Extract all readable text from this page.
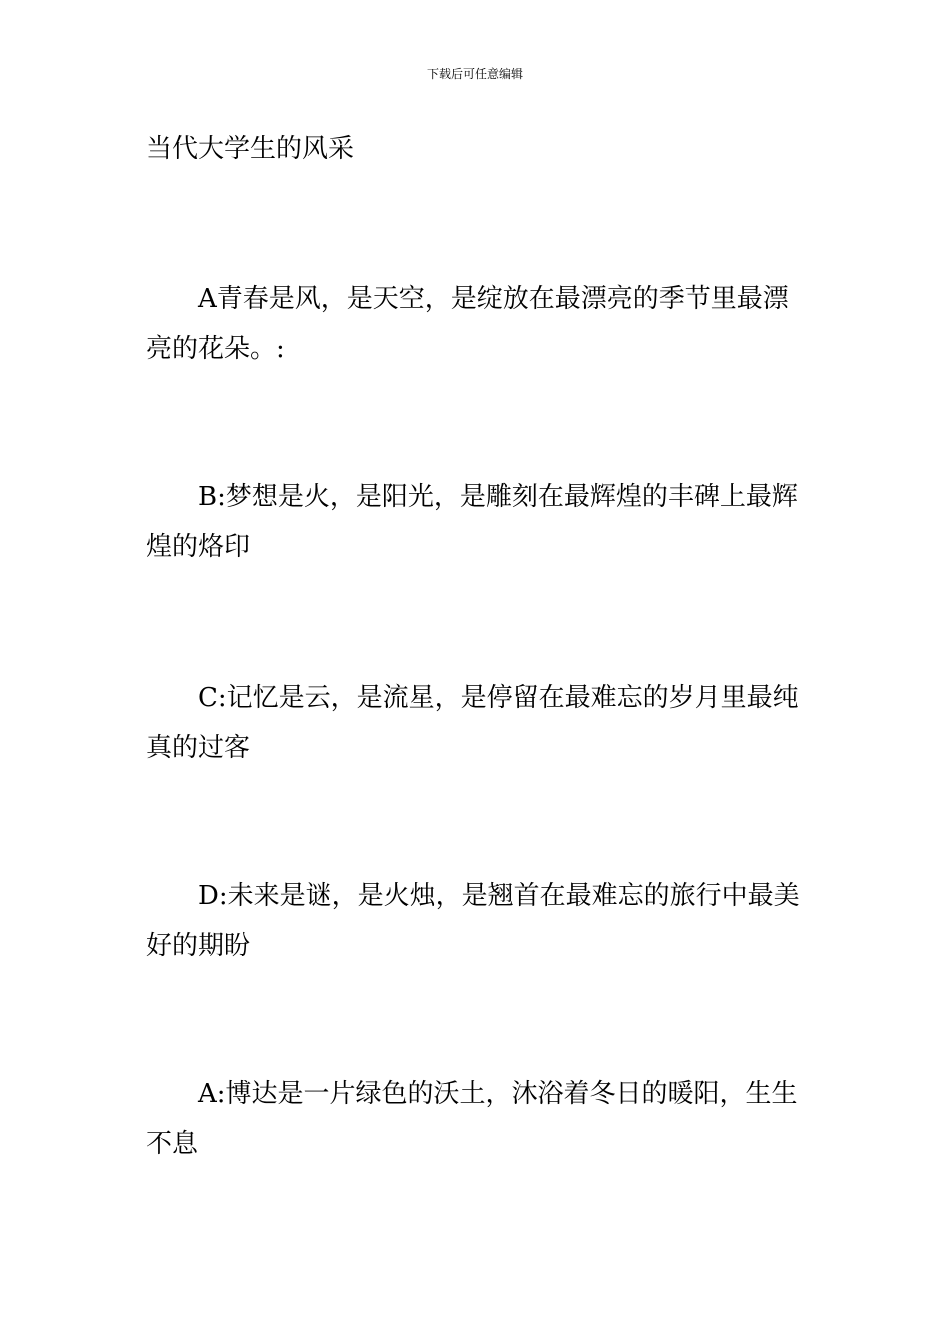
下载后可任意编辑
当代大学生的风采

A青春是风，是天空，是绽放在最漂亮的季节里最漂亮的花朵。:

B:梦想是火，是阳光，是雕刻在最辉煌的丰碑上最辉煌的烙印

C:记忆是云，是流星，是停留在最难忘的岁月里最纯真的过客

D:未来是谜，是火烛，是翘首在最难忘的旅行中最美好的期盼

A:博达是一片绿色的沃土，沐浴着冬日的暖阳，生生不息
